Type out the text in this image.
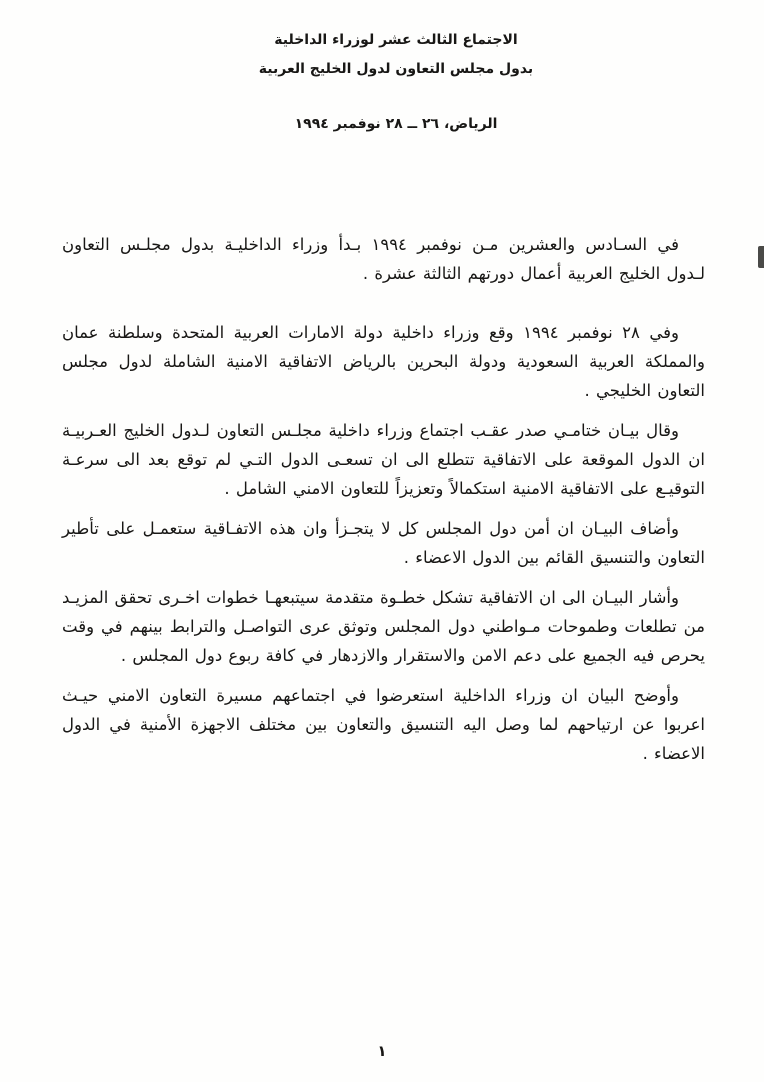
الاجتماع الثالث عشر لوزراء الداخلية
بدول مجلس التعاون لدول الخليج العربية
الرياض، ٢٦ ــ ٢٨ نوفمبر ١٩٩٤

في السـادس والعشرين مـن نوفمبر ١٩٩٤ بـدأ وزراء الداخليـة بدول مجلـس التعاون لـدول الخليج العربية أعمال دورتهم الثالثة عشرة .

وفي ٢٨ نوفمبر ١٩٩٤ وقع وزراء داخلية دولة الامارات العربية المتحدة وسلطنة عمان والمملكة العربية السعودية ودولة البحرين بالرياض الاتفاقية الامنية الشاملة لدول مجلس التعاون الخليجي .

وقال بيـان ختامـي صدر عقـب اجتماع وزراء داخلية مجلـس التعاون لـدول الخليج العـربيـة ان الدول الموقعة على الاتفاقية تتطلع الى ان تسعـى الدول التـي لم توقع بعد الى سرعـة التوقيـع على الاتفاقية الامنية استكمالاً وتعزيزاً للتعاون الامني الشامل .

وأضاف البيـان ان أمن دول المجلس كل لا يتجـزأ وان هذه الاتفـاقية ستعمـل على تأطير التعاون والتنسيق القائم بين الدول الاعضاء .

وأشار البيـان الى ان الاتفاقية تشكل خطـوة متقدمة سيتبعهـا خطوات اخـرى تحقق المزيـد من تطلعات وطموحات مـواطني دول المجلس وتوثق عرى التواصـل والترابط بينهم في وقت يحرص فيه الجميع على دعم الامن والاستقرار والازدهار في كافة ربوع دول المجلس .

وأوضح البيان ان وزراء الداخلية استعرضوا في اجتماعهم مسيرة التعاون الامني حيـث اعربوا عن ارتياحهم لما وصل اليه التنسيق والتعاون بين مختلف الاجهزة الأمنية في الدول الاعضاء .

١
